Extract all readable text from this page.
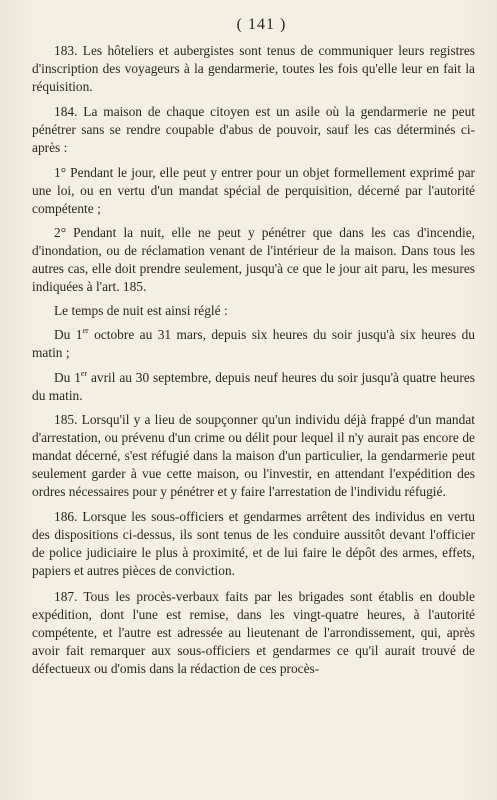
( 141 )

183. Les hôteliers et aubergistes sont tenus de communiquer leurs registres d'inscription des voyageurs à la gendarmerie, toutes les fois qu'elle leur en fait la réquisition.

184. La maison de chaque citoyen est un asile où la gendarmerie ne peut pénétrer sans se rendre coupable d'abus de pouvoir, sauf les cas déterminés ci-après :

1° Pendant le jour, elle peut y entrer pour un objet formellement exprimé par une loi, ou en vertu d'un mandat spécial de perquisition, décerné par l'autorité compétente ;

2° Pendant la nuit, elle ne peut y pénétrer que dans les cas d'incendie, d'inondation, ou de réclamation venant de l'intérieur de la maison. Dans tous les autres cas, elle doit prendre seulement, jusqu'à ce que le jour ait paru, les mesures indiquées à l'art. 185.

Le temps de nuit est ainsi réglé :

Du 1er octobre au 31 mars, depuis six heures du soir jusqu'à six heures du matin ;

Du 1er avril au 30 septembre, depuis neuf heures du soir jusqu'à quatre heures du matin.

185. Lorsqu'il y a lieu de soupçonner qu'un individu déjà frappé d'un mandat d'arrestation, ou prévenu d'un crime ou délit pour lequel il n'y aurait pas encore de mandat décerné, s'est réfugié dans la maison d'un particulier, la gendarmerie peut seulement garder à vue cette maison, ou l'investir, en attendant l'expédition des ordres nécessaires pour y pénétrer et y faire l'arrestation de l'individu réfugié.

186. Lorsque les sous-officiers et gendarmes arrêtent des individus en vertu des dispositions ci-dessus, ils sont tenus de les conduire aussitôt devant l'officier de police judiciaire le plus à proximité, et de lui faire le dépôt des armes, effets, papiers et autres pièces de conviction.

187. Tous les procès-verbaux faits par les brigades sont établis en double expédition, dont l'une est remise, dans les vingt-quatre heures, à l'autorité compétente, et l'autre est adressée au lieutenant de l'arrondissement, qui, après avoir fait remarquer aux sous-officiers et gendarmes ce qu'il aurait trouvé de défectueux ou d'omis dans la rédaction de ces procès-
